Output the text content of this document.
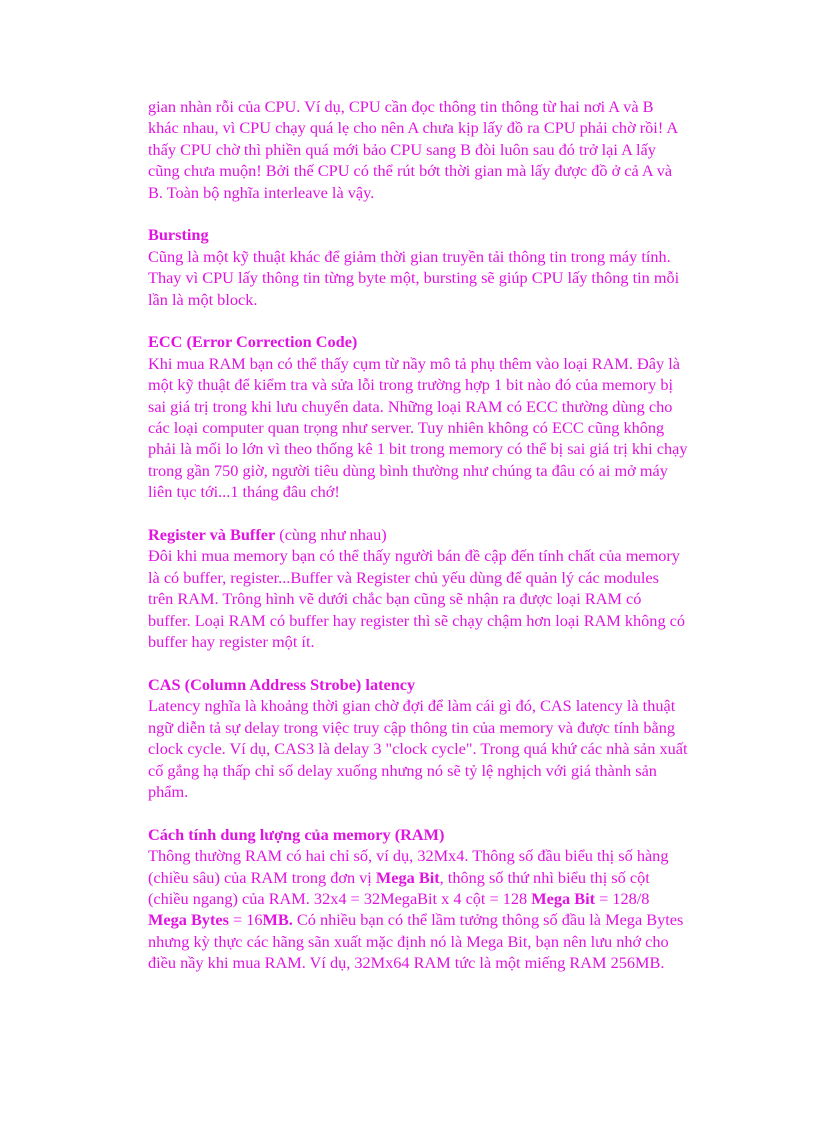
gian nhàn rỗi của CPU. Ví dụ, CPU cần đọc thông tin thông từ hai nơi A và B khác nhau, vì CPU chạy quá lẹ cho nên A chưa kịp lấy đồ ra CPU phải chờ rồi! A thấy CPU chờ thì phiền quá mới bảo CPU sang B đòi luôn sau đó trở lại A lấy cũng chưa muộn! Bởi thế CPU có thể rút bớt thời gian mà lấy được đồ ở cả A và B. Toàn bộ nghĩa interleave là vậy.

Bursting

Cũng là một kỹ thuật khác để giảm thời gian truyền tải thông tin trong máy tính. Thay vì CPU lấy thông tin từng byte một, bursting sẽ giúp CPU lấy thông tin mỗi lần là một block.

ECC (Error Correction Code)

Khi mua RAM bạn có thể thấy cụm từ nầy mô tả phụ thêm vào loại RAM. Đây là một kỹ thuật để kiểm tra và sửa lỗi trong trường hợp 1 bit nào đó của memory bị sai giá trị trong khi lưu chuyển data. Những loại RAM có ECC thường dùng cho các loại computer quan trọng như server. Tuy nhiên không có ECC cũng không phải là mối lo lớn vì theo thống kê 1 bit trong memory có thể bị sai giá trị khi chạy trong gần 750 giờ, người tiêu dùng bình thường như chúng ta đâu có ai mở máy liên tục tới...1 tháng đâu chớ!

Register và Buffer (cùng như nhau)

Đôi khi mua memory bạn có thể thấy người bán đề cập đến tính chất của memory là có buffer, register...Buffer và Register chủ yếu dùng để quản lý các modules trên RAM. Trông hình vẽ dưới chắc bạn cũng sẽ nhận ra được loại RAM có buffer. Loại RAM có buffer hay register thì sẽ chạy chậm hơn loại RAM không có buffer hay register một ít.

CAS (Column Address Strobe) latency

Latency nghĩa là khoảng thời gian chờ đợi để làm cái gì đó, CAS latency là thuật ngữ diễn tả sự delay trong việc truy cập thông tin của memory và được tính bằng clock cycle. Ví dụ, CAS3 là delay 3 "clock cycle". Trong quá khứ các nhà sản xuất cố gắng hạ thấp chỉ số delay xuống nhưng nó sẽ tỷ lệ nghịch với giá thành sản phẩm.

Cách tính dung lượng của memory (RAM)

Thông thường RAM có hai chỉ số, ví dụ, 32Mx4. Thông số đầu biểu thị số hàng (chiều sâu) của RAM trong đơn vị Mega Bit, thông số thứ nhì biểu thị số cột (chiều ngang) của RAM. 32x4 = 32MegaBit x 4 cột = 128 Mega Bit = 128/8 Mega Bytes = 16MB. Có nhiều bạn có thể lầm tưởng thông số đầu là Mega Bytes nhưng kỳ thực các hãng sãn xuất mặc định nó là Mega Bit, bạn nên lưu nhớ cho điều nầy khi mua RAM. Ví dụ, 32Mx64 RAM tức là một miếng RAM 256MB.
